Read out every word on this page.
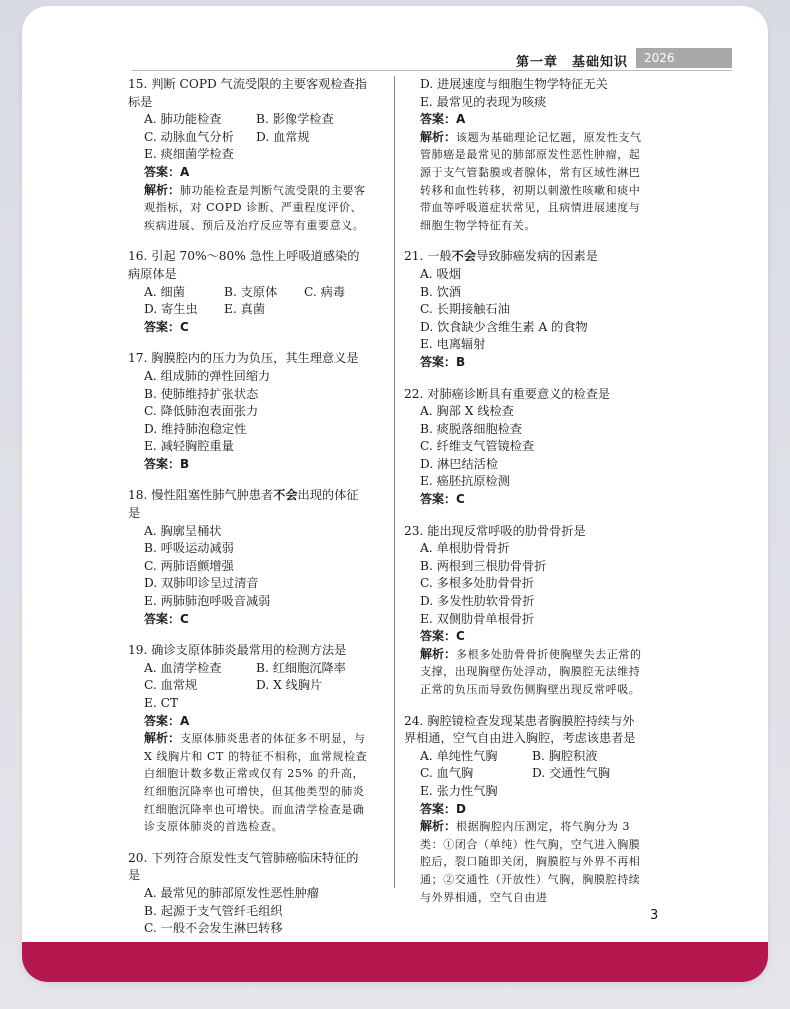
第一章　基础知识	2026
15. 判断 COPD 气流受限的主要客观检查指标是
A. 肺功能检查	B. 影像学检查
C. 动脉血气分析	D. 血常规
E. 痰细菌学检查
答案：A
解析：肺功能检查是判断气流受限的主要客观指标，对 COPD 诊断、严重程度评价、疾病进展、预后及治疗反应等有重要意义。
16. 引起 70%～80% 急性上呼吸道感染的病原体是
A. 细菌	B. 支原体	C. 病毒
D. 寄生虫	E. 真菌
答案：C
17. 胸膜腔内的压力为负压，其生理意义是
A. 组成肺的弹性回缩力
B. 使肺维持扩张状态
C. 降低肺泡表面张力
D. 维持肺泡稳定性
E. 减轻胸腔重量
答案：B
18. 慢性阻塞性肺气肿患者不会出现的体征是
A. 胸廓呈桶状
B. 呼吸运动减弱
C. 两肺语颤增强
D. 双肺叩诊呈过清音
E. 两肺肺泡呼吸音减弱
答案：C
19. 确诊支原体肺炎最常用的检测方法是
A. 血清学检查	B. 红细胞沉降率
C. 血常规	D. X 线胸片
E. CT
答案：A
解析：支原体肺炎患者的体征多不明显，与 X 线胸片和 CT 的特征不相称，血常规检查白细胞计数多数正常或仅有 25% 的升高，红细胞沉降率也可增快，但其他类型的肺炎红细胞沉降率也可增快。而血清学检查是确诊支原体肺炎的首选检查。
20. 下列符合原发性支气管肺癌临床特征的是
A. 最常见的肺部原发性恶性肿瘤
B. 起源于支气管纤毛组织
C. 一般不会发生淋巴转移
D. 进展速度与细胞生物学特征无关
E. 最常见的表现为咳痰
答案：A
解析：该题为基础理论记忆题，原发性支气管肺癌是最常见的肺部原发性恶性肿瘤，起源于支气管黏膜或者腺体，常有区域性淋巴转移和血性转移，初期以刺激性咳嗽和痰中带血等呼吸道症状常见，且病情进展速度与细胞生物学特征有关。
21. 一般不会导致肺癌发病的因素是
A. 吸烟
B. 饮酒
C. 长期接触石油
D. 饮食缺少含维生素 A 的食物
E. 电离辐射
答案：B
22. 对肺癌诊断具有重要意义的检查是
A. 胸部 X 线检查
B. 痰脱落细胞检查
C. 纤维支气管镜检查
D. 淋巴结活检
E. 癌胚抗原检测
答案：C
23. 能出现反常呼吸的肋骨骨折是
A. 单根肋骨骨折
B. 两根到三根肋骨骨折
C. 多根多处肋骨骨折
D. 多发性肋软骨骨折
E. 双侧肋骨单根骨折
答案：C
解析：多根多处肋骨骨折使胸壁失去正常的支撑，出现胸壁伤处浮动，胸膜腔无法维持正常的负压而导致伤侧胸壁出现反常呼吸。
24. 胸腔镜检查发现某患者胸膜腔持续与外界相通，空气自由进入胸腔，考虑该患者是
A. 单纯性气胸	B. 胸腔积液
C. 血气胸	D. 交通性气胸
E. 张力性气胸
答案：D
解析：根据胸腔内压测定，将气胸分为 3 类：①闭合（单纯）性气胸，空气进入胸膜腔后，裂口随即关闭，胸膜腔与外界不再相通；②交通性（开放性）气胸，胸膜腔持续与外界相通，空气自由进
3
